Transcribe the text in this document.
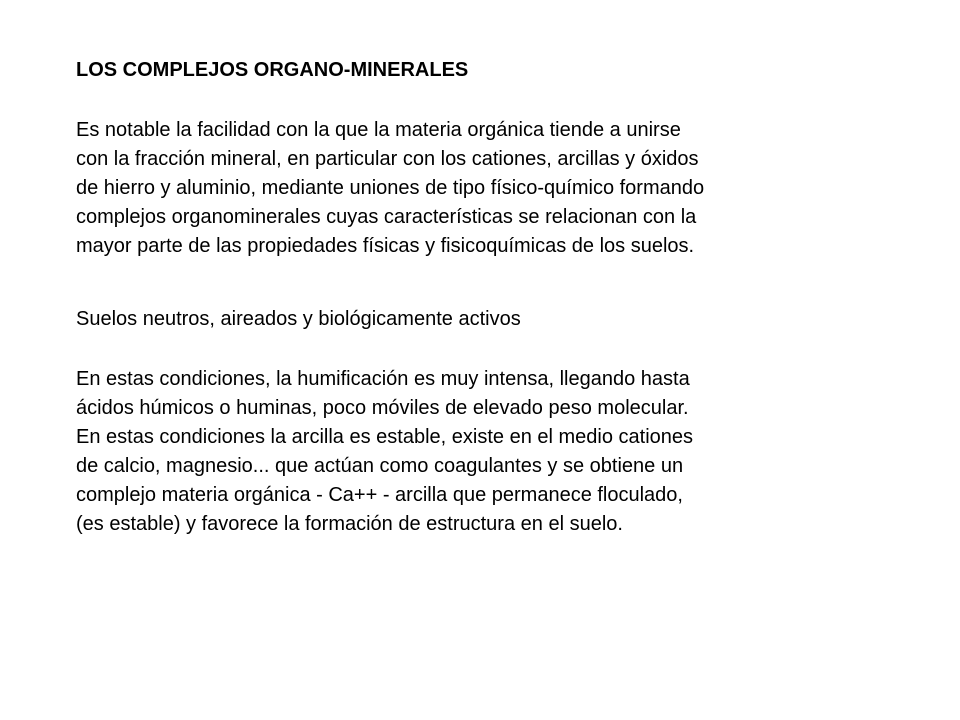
LOS COMPLEJOS ORGANO-MINERALES
Es notable la facilidad con la que la materia orgánica tiende a unirse
con la fracción mineral, en particular con los cationes, arcillas y óxidos
de hierro y aluminio, mediante uniones de tipo físico-químico formando
complejos organominerales cuyas características se relacionan con la
mayor parte de las propiedades físicas y fisicoquímicas de los suelos.
Suelos neutros, aireados y biológicamente activos
En estas condiciones, la humificación es muy intensa, llegando hasta
ácidos húmicos o huminas, poco móviles de elevado peso molecular.
En estas condiciones la arcilla es estable, existe en el medio cationes
de calcio, magnesio... que actúan como coagulantes y se obtiene un
complejo materia orgánica - Ca++ - arcilla que permanece floculado,
(es estable) y favorece la formación de estructura en el suelo.
